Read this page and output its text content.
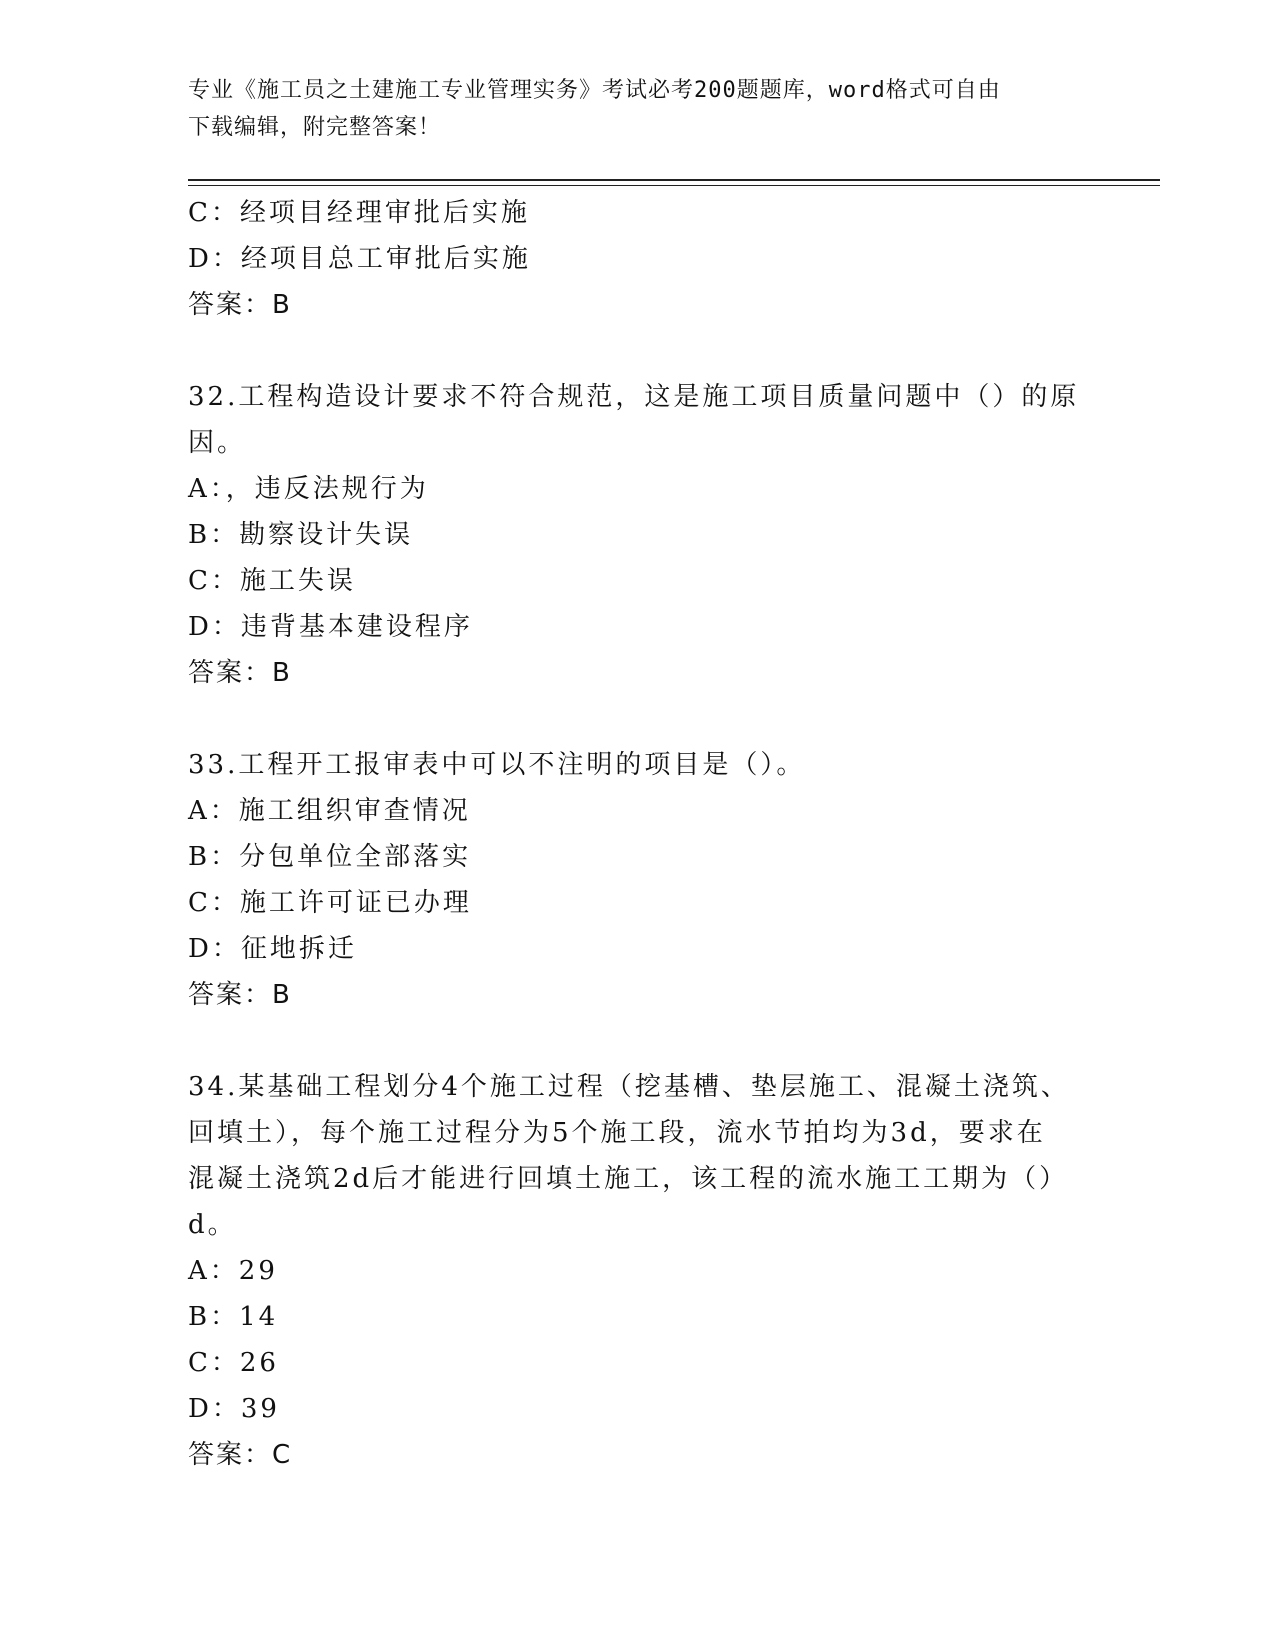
专业《施工员之土建施工专业管理实务》考试必考200题题库，word格式可自由
下载编辑，附完整答案！
C：经项目经理审批后实施
D：经项目总工审批后实施
答案：B
32.工程构造设计要求不符合规范，这是施工项目质量问题中（）的原
因。
A：，违反法规行为
B：勘察设计失误
C：施工失误
D：违背基本建设程序
答案：B
33.工程开工报审表中可以不注明的项目是（）。
A：施工组织审查情况
B：分包单位全部落实
C：施工许可证已办理
D：征地拆迁
答案：B
34.某基础工程划分4个施工过程（挖基槽、垫层施工、混凝土浇筑、
回填土），每个施工过程分为5个施工段，流水节拍均为3d，要求在
混凝土浇筑2d后才能进行回填土施工，该工程的流水施工工期为（）
d。
A：29
B：14
C：26
D：39
答案：C
